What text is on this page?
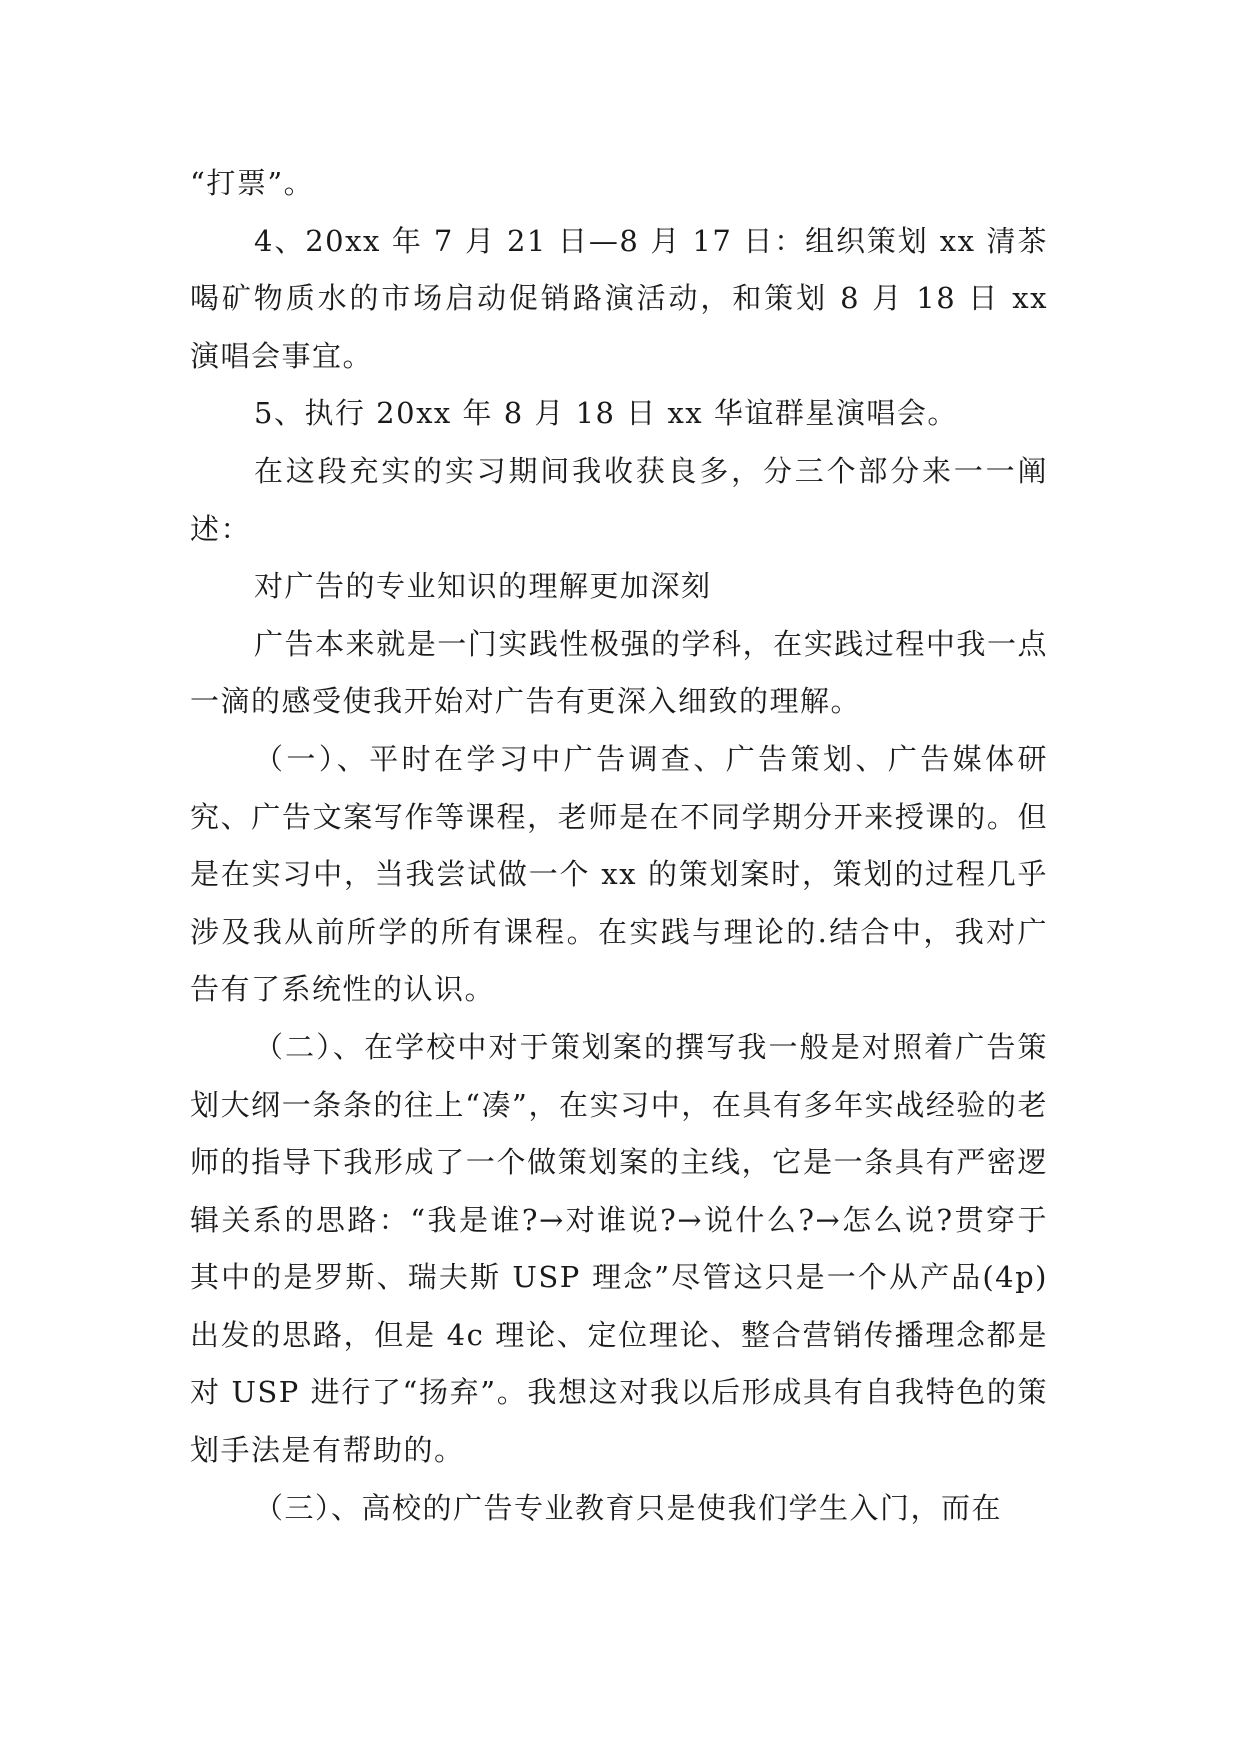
“打票”。

4、20xx 年 7 月 21 日—8 月 17 日：组织策划 xx 清茶喝矿物质水的市场启动促销路演活动，和策划 8 月 18 日 xx 演唱会事宜。

5、执行 20xx 年 8 月 18 日 xx 华谊群星演唱会。

在这段充实的实习期间我收获良多，分三个部分来一一阐述：

对广告的专业知识的理解更加深刻

广告本来就是一门实践性极强的学科，在实践过程中我一点一滴的感受使我开始对广告有更深入细致的理解。

（一）、平时在学习中广告调查、广告策划、广告媒体研究、广告文案写作等课程，老师是在不同学期分开来授课的。但是在实习中，当我尝试做一个 xx 的策划案时，策划的过程几乎涉及我从前所学的所有课程。在实践与理论的.结合中，我对广告有了系统性的认识。

（二）、在学校中对于策划案的撰写我一般是对照着广告策划大纲一条条的往上“凑”，在实习中，在具有多年实战经验的老师的指导下我形成了一个做策划案的主线，它是一条具有严密逻辑关系的思路：“我是谁?→对谁说?→说什么?→怎么说?贯穿于其中的是罗斯、瑞夫斯 USP 理念”尽管这只是一个从产品(4p)出发的思路，但是 4c 理论、定位理论、整合营销传播理念都是对 USP 进行了“扬弃”。我想这对我以后形成具有自我特色的策划手法是有帮助的。

（三）、高校的广告专业教育只是使我们学生入门，而在
